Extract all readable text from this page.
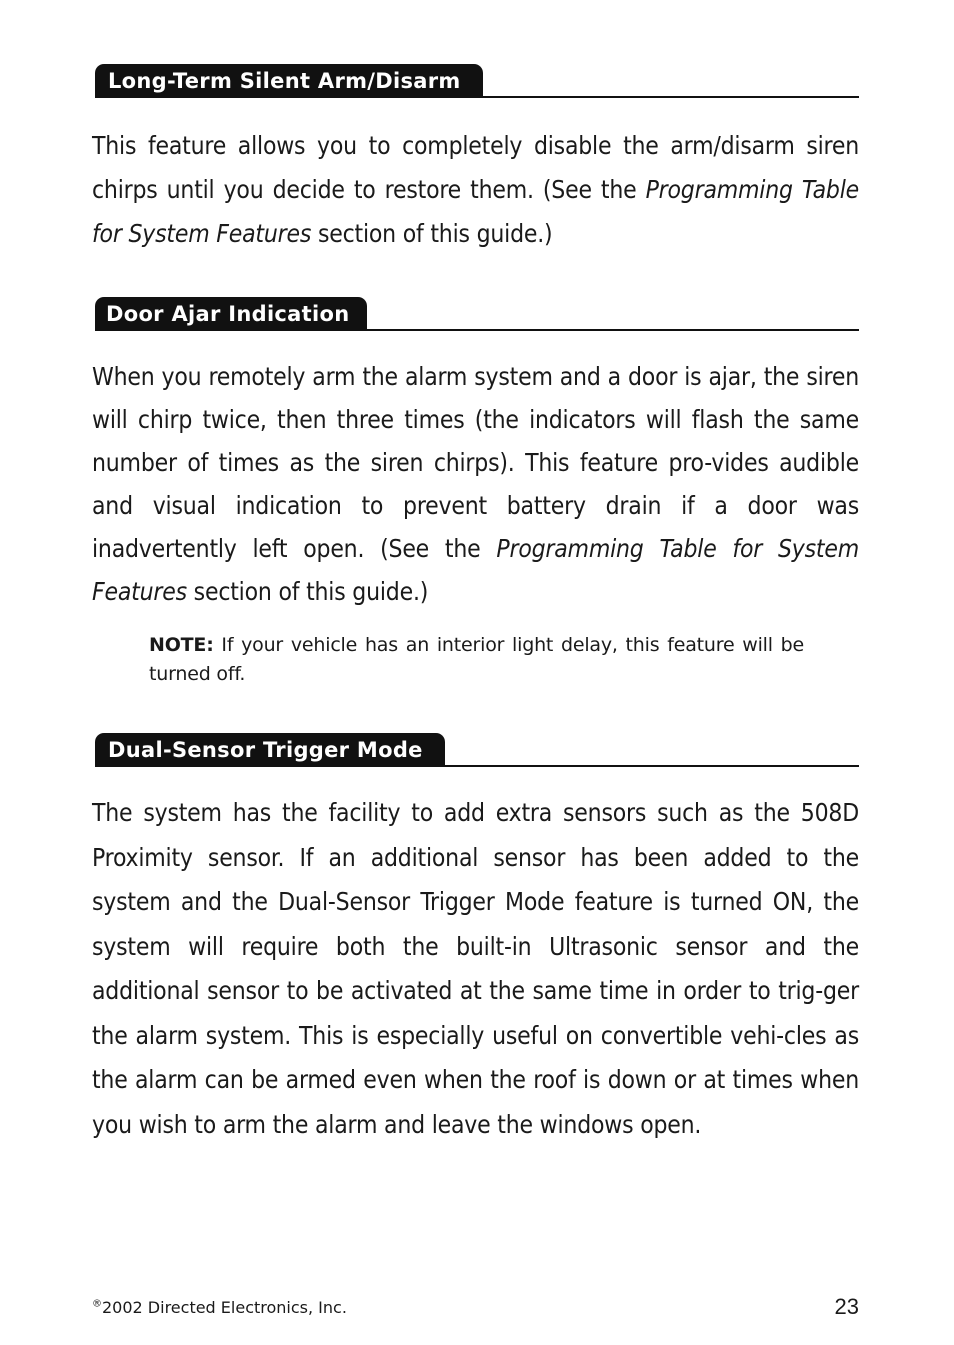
Long-Term Silent Arm/Disarm

This feature allows you to completely disable the arm/disarm siren chirps until you decide to restore them. (See the Programming Table for System Features section of this guide.)

Door Ajar Indication

When you remotely arm the alarm system and a door is ajar, the siren will chirp twice, then three times (the indicators will flash the same number of times as the siren chirps). This feature pro-vides audible and visual indication to prevent battery drain if a door was inadvertently left open. (See the Programming Table for System Features section of this guide.)

NOTE: If your vehicle has an interior light delay, this feature will be turned off.

Dual-Sensor Trigger Mode

The system has the facility to add extra sensors such as the 508D Proximity sensor. If an additional sensor has been added to the system and the Dual-Sensor Trigger Mode feature is turned ON, the system will require both the built-in Ultrasonic sensor and the additional sensor to be activated at the same time in order to trig-ger the alarm system. This is especially useful on convertible vehi-cles as the alarm can be armed even when the roof is down or at times when you wish to arm the alarm and leave the windows open.

®2002 Directed Electronics, Inc.	23
